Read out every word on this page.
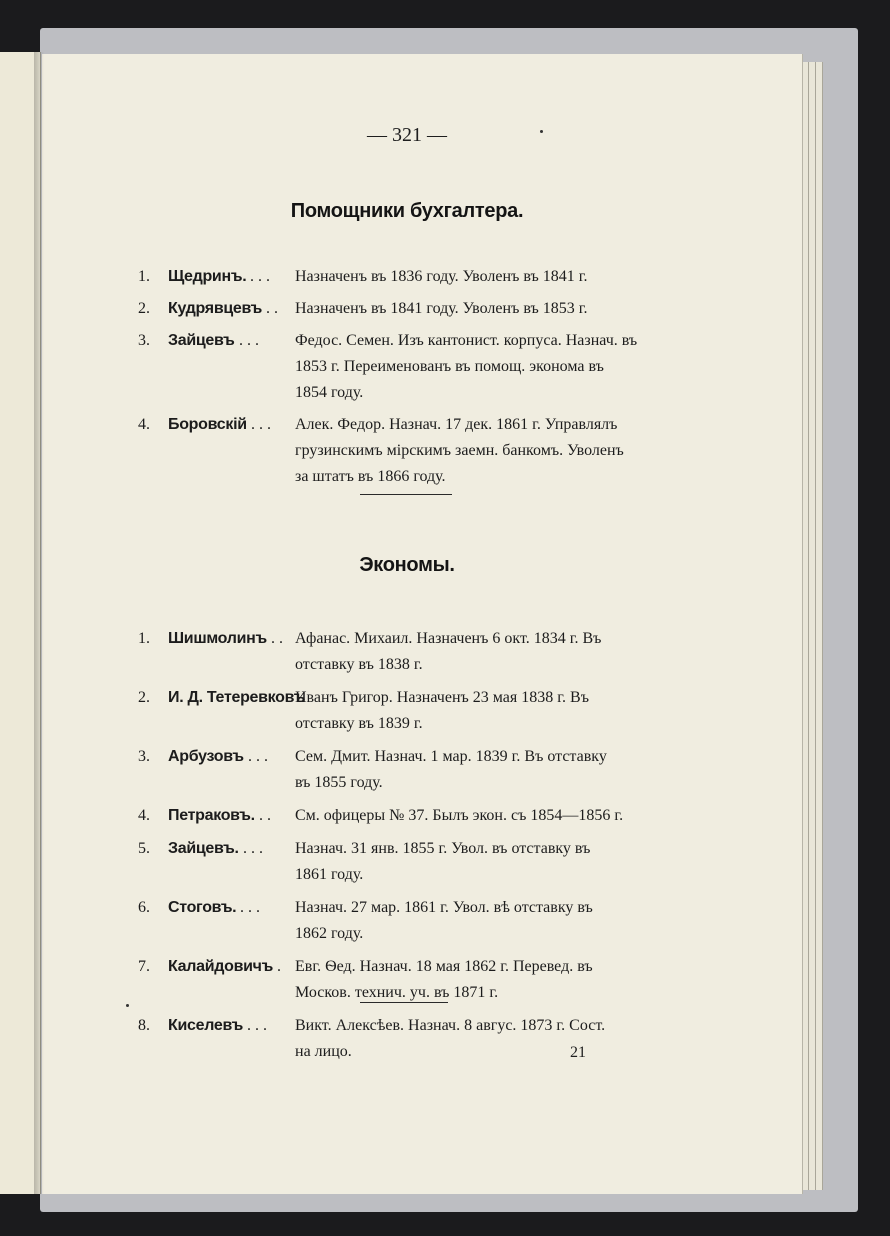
— 321 —
Помощники бухгалтера.
1.	Щедринъ. . . . Назначенъ въ 1836 году. Уволенъ въ 1841 г.
2.	Кудрявцевъ . . Назначенъ въ 1841 году. Уволенъ въ 1853 г.
3.	Зайцевъ . . . Федос. Семен. Изъ кантонист. корпуса. Назнач. въ
1853 г. Переименованъ въ помощ. эконома въ
1854 году.
4.	Боровскій . . . Алек. Федор. Назнач. 17 дек. 1861 г. Управлялъ
грузинскимъ мірскимъ заемн. банкомъ. Уволенъ
за штатъ въ 1866 году.
Экономы.
1.	Шишмолинъ . . Афанас. Михаил. Назначенъ 6 окт. 1834 г. Въ
отставку въ 1838 г.
2.	И. Д. Тетеревковъ
Иванъ Григор. Назначенъ 23 мая 1838 г. Въ
отставку въ 1839 г.
3.	Арбузовъ . . . Сем. Дмит. Назнач. 1 мар. 1839 г. Въ отставку
въ 1855 году.
4.	Петраковъ. . . См. офицеры № 37. Былъ экон. съ 1854—1856 г.
5.	Зайцевъ. . . . Назнач. 31 янв. 1855 г. Увол. въ отставку въ
1861 году.
6.	Стоговъ. . . . Назнач. 27 мар. 1861 г. Увол. вѣ отставку въ
1862 году.
7.	Калайдовичъ . Евг. Ѳед. Назнач. 18 мая 1862 г. Перевед. въ
Москов. технич. уч. въ 1871 г.
8.	Киселевъ . . . Викт. Алексѣев. Назнач. 8 авгус. 1873 г. Сост.
на лицо.	21
